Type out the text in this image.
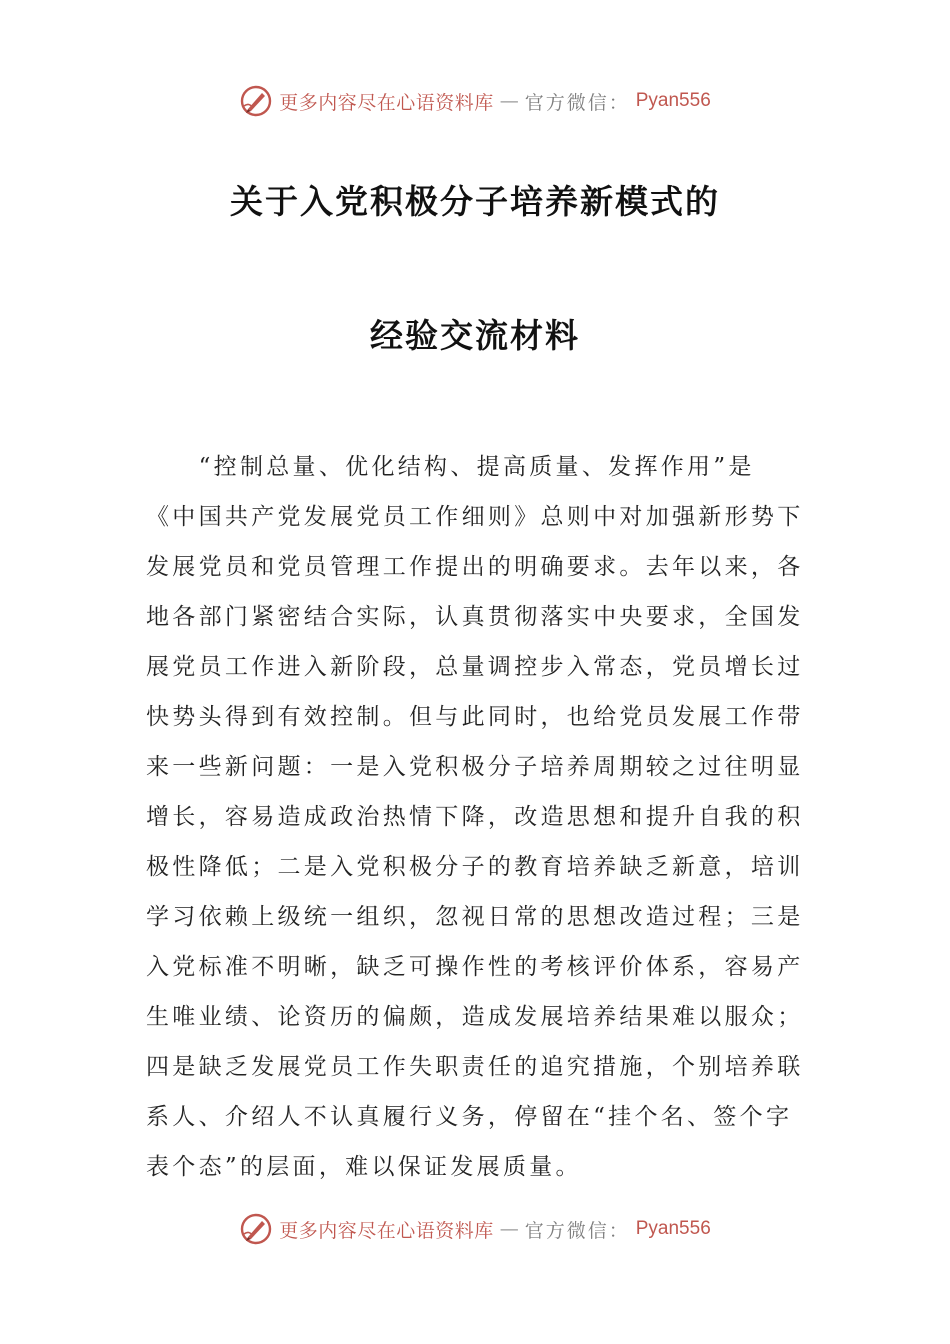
更多内容尽在心语资料库 — 官方微信： Pyan556
关于入党积极分子培养新模式的
经验交流材料
　　“控制总量、优化结构、提高质量、发挥作用”是
《中国共产党发展党员工作细则》总则中对加强新形势下
发展党员和党员管理工作提出的明确要求。去年以来，各
地各部门紧密结合实际，认真贯彻落实中央要求，全国发
展党员工作进入新阶段，总量调控步入常态，党员增长过
快势头得到有效控制。但与此同时，也给党员发展工作带
来一些新问题：一是入党积极分子培养周期较之过往明显
增长，容易造成政治热情下降，改造思想和提升自我的积
极性降低；二是入党积极分子的教育培养缺乏新意，培训
学习依赖上级统一组织，忽视日常的思想改造过程；三是
入党标准不明晰，缺乏可操作性的考核评价体系，容易产
生唯业绩、论资历的偏颇，造成发展培养结果难以服众；
四是缺乏发展党员工作失职责任的追究措施，个别培养联
系人、介绍人不认真履行义务，停留在“挂个名、签个字
表个态”的层面，难以保证发展质量。
更多内容尽在心语资料库 — 官方微信： Pyan556
